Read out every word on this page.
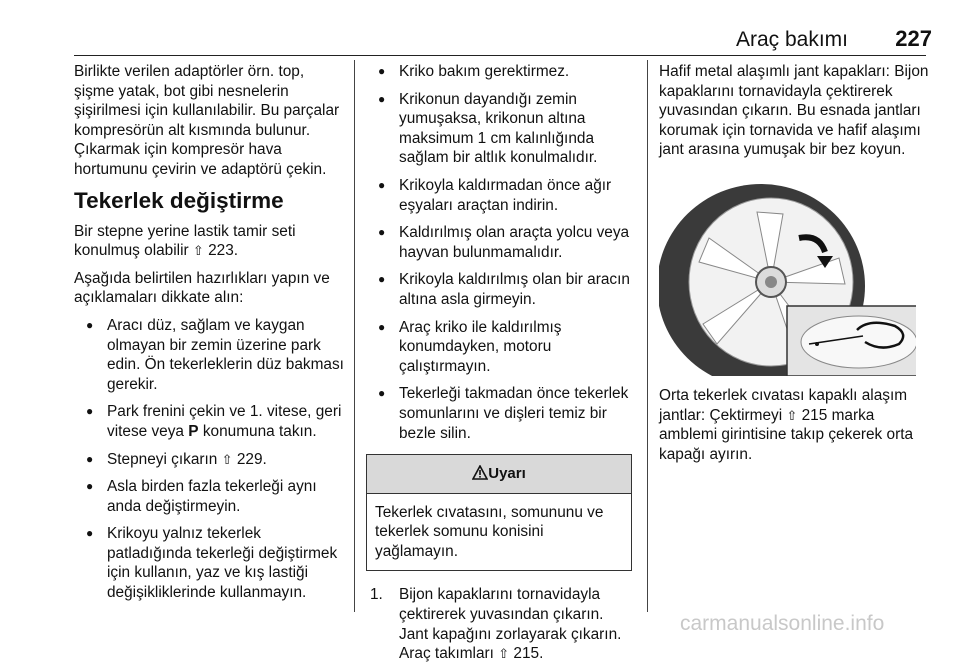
Araç bakımı 227

Birlikte verilen adaptörler örn. top, şişme yatak, bot gibi nesnelerin şişirilmesi için kullanılabilir. Bu parçalar kompresörün alt kısmında bulunur. Çıkarmak için kompresör hava hortumunu çevirin ve adaptörü çekin.

Tekerlek değiştirme

Bir stepne yerine lastik tamir seti konulmuş olabilir ⇧ 223.

Aşağıda belirtilen hazırlıkları yapın ve açıklamaları dikkate alın:

● Aracı düz, sağlam ve kaygan olmayan bir zemin üzerine park edin. Ön tekerleklerin düz bakması gerekir.
● Park frenini çekin ve 1. vitese, geri vitese veya P konumuna takın.
● Stepneyi çıkarın ⇧ 229.
● Asla birden fazla tekerleği aynı anda değiştirmeyin.
● Krikoyu yalnız tekerlek patladığında tekerleği değiştirmek için kullanın, yaz ve kış lastiği değişikliklerinde kullanmayın.
● Kriko bakım gerektirmez.
● Krikonun dayandığı zemin yumuşaksa, krikonun altına maksimum 1 cm kalınlığında sağlam bir altlık konulmalıdır.
● Krikoyla kaldırmadan önce ağır eşyaları araçtan indirin.
● Kaldırılmış olan araçta yolcu veya hayvan bulunmamalıdır.
● Krikoyla kaldırılmış olan bir aracın altına asla girmeyin.
● Araç kriko ile kaldırılmış konumdayken, motoru çalıştırmayın.
● Tekerleği takmadan önce tekerlek somunlarını ve dişleri temiz bir bezle silin.
Uyarı
Tekerlek cıvatasını, somununu ve tekerlek somunu konisini yağlamayın.
1. Bijon kapaklarını tornavidayla çektirerek yuvasından çıkarın. Jant kapağını zorlayarak çıkarın. Araç takımları ⇧ 215.

Hafif metal alaşımlı jant kapakları: Bijon kapaklarını tornavidayla çektirerek yuvasından çıkarın. Bu esnada jantları korumak için tornavida ve hafif alaşımı jant arasına yumuşak bir bez koyun.

Orta tekerlek cıvatası kapaklı alaşım jantlar: Çektirmeyi ⇧ 215 marka amblemi girintisine takıp çekerek orta kapağı ayırın.

carmanualsonline.info
